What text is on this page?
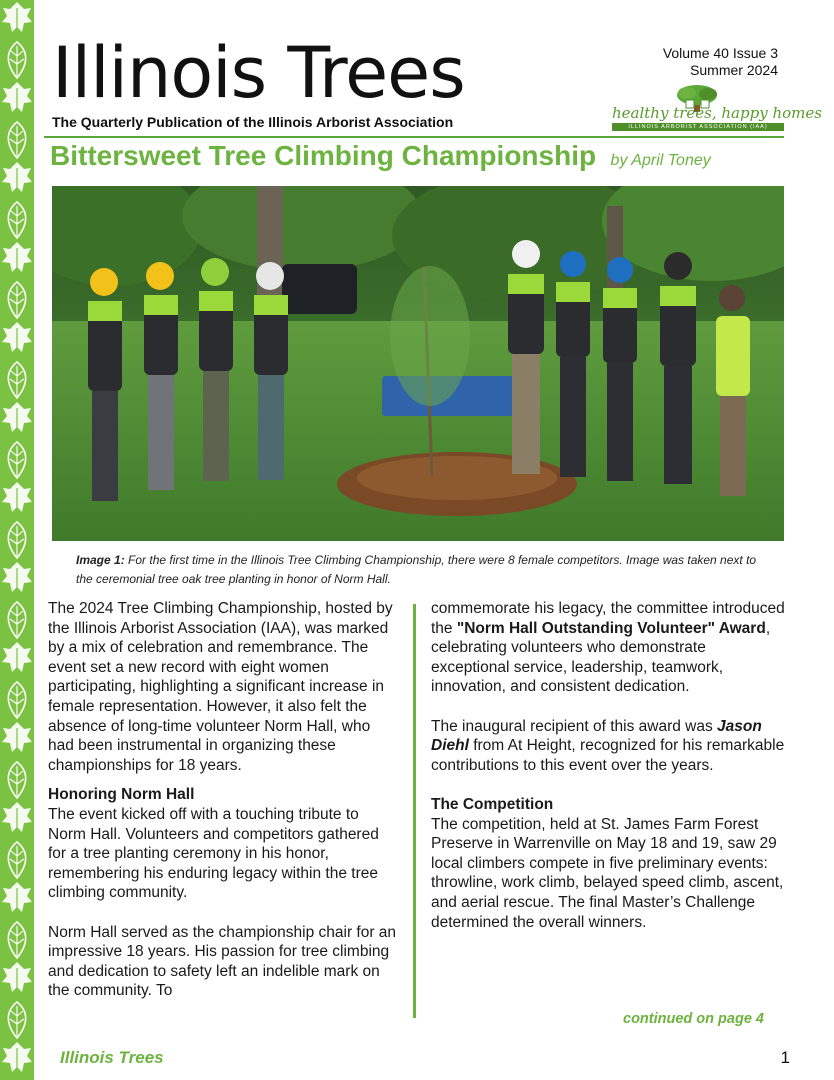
Illinois Trees
The Quarterly Publication of the Illinois Arborist Association
Volume 40 Issue 3
Summer 2024
healthy trees, happy homes
ILLINOIS ARBORIST ASSOCIATION (IAA)
Bittersweet Tree Climbing Championship by April Toney
Image 1: For the first time in the Illinois Tree Climbing Championship, there were 8 female competitors. Image was taken next to the ceremonial tree oak tree planting in honor of Norm Hall.

The 2024 Tree Climbing Championship, hosted by the Illinois Arborist Association (IAA), was marked by a mix of celebration and remembrance. The event set a new record with eight women participating, highlighting a significant increase in female representation. However, it also felt the absence of long-time volunteer Norm Hall, who had been instrumental in organizing these championships for 18 years.

Honoring Norm Hall

The event kicked off with a touching tribute to Norm Hall. Volunteers and competitors gathered for a tree planting ceremony in his honor, remembering his enduring legacy within the tree climbing community.

Norm Hall served as the championship chair for an impressive 18 years. His passion for tree climbing and dedication to safety left an indelible mark on the community. To

commemorate his legacy, the committee introduced the "Norm Hall Outstanding Volunteer" Award, celebrating volunteers who demonstrate exceptional service, leadership, teamwork, innovation, and consistent dedication.

The inaugural recipient of this award was Jason Diehl from At Height, recognized for his remarkable contributions to this event over the years.

The Competition

The competition, held at St. James Farm Forest Preserve in Warrenville on May 18 and 19, saw 29 local climbers compete in five preliminary events: throwline, work climb, belayed speed climb, ascent, and aerial rescue. The final Master’s Challenge determined the overall winners.

continued on page 4
Illinois Trees	1
